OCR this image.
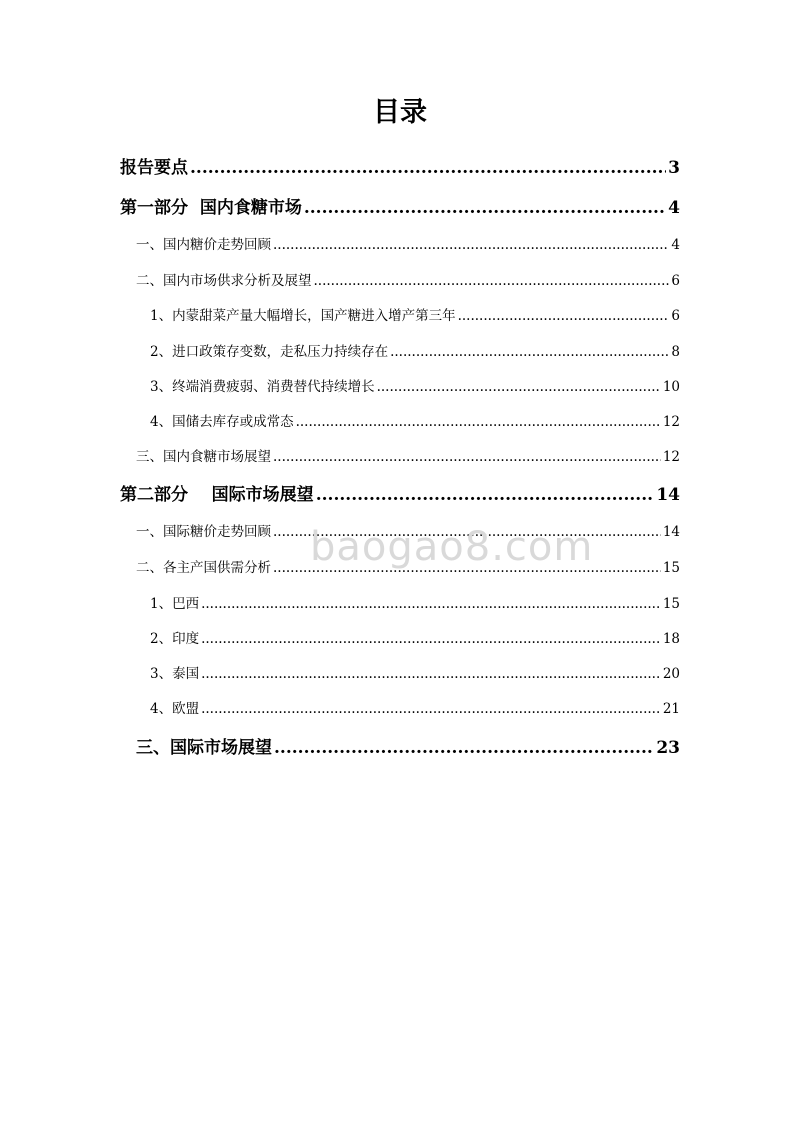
目录
报告要点 .....	3
第一部分  国内食糖市场 .....	4
一、国内糖价走势回顾 .....	4
二、国内市场供求分析及展望 .....	6
1、内蒙甜菜产量大幅增长，国产糖进入增产第三年 .....	6
2、进口政策存变数，走私压力持续存在 .....	8
3、终端消费疲弱、消费替代持续增长 .....	10
4、国储去库存或成常态 .....	12
三、国内食糖市场展望 .....	12
第二部分    国际市场展望 .....	14
一、国际糖价走势回顾 .....	14
二、各主产国供需分析 .....	15
1、巴西 .....	15
2、印度 .....	18
3、泰国 .....	20
4、欧盟 .....	21
三、国际市场展望 .....	23
baogao8.com
